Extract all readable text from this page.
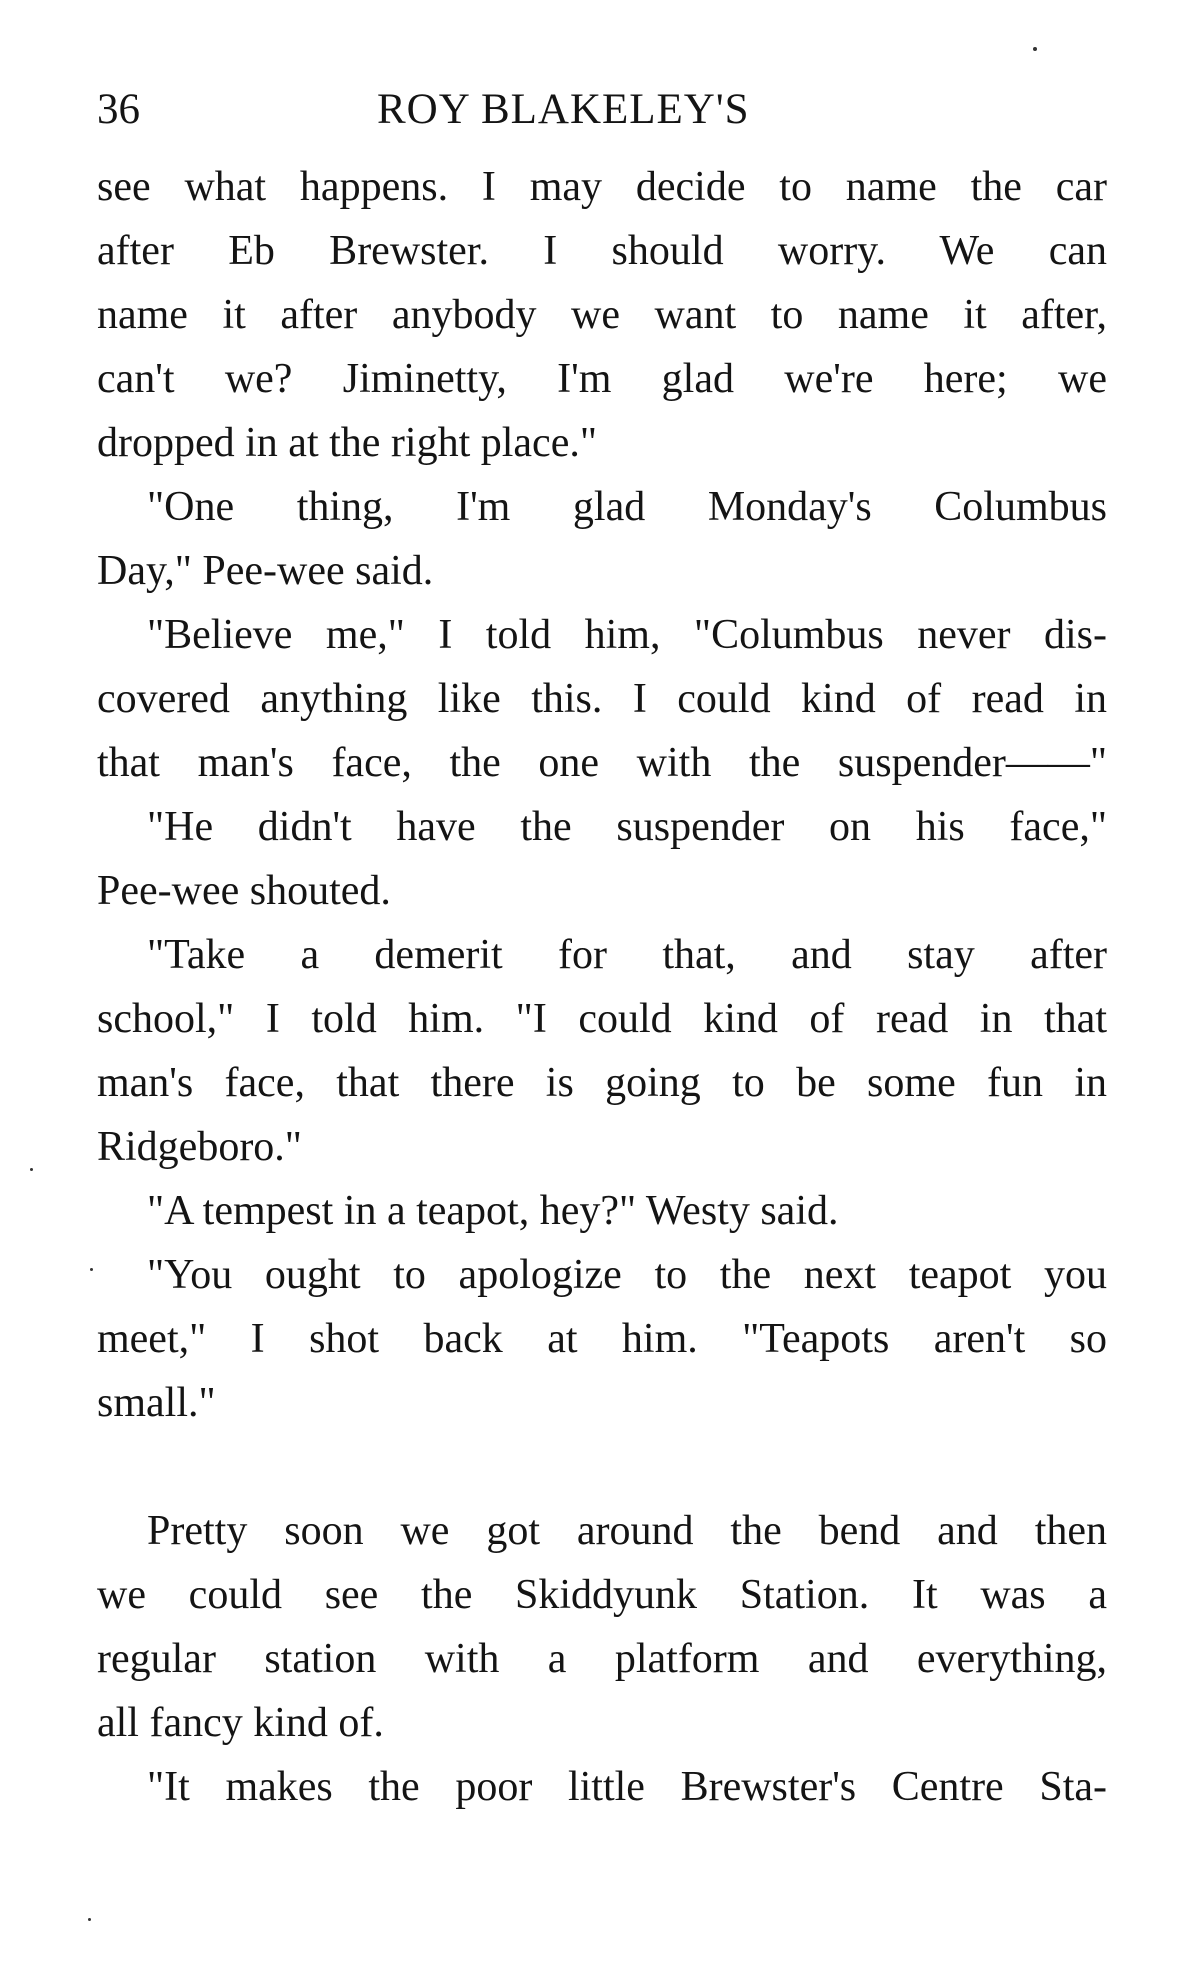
36	ROY BLAKELEY'S
see what happens. I may decide to name the car
after Eb Brewster. I should worry. We can
name it after anybody we want to name it after,
can't we? Jiminetty, I'm glad we're here; we
dropped in at the right place."
"One thing, I'm glad Monday's Columbus
Day," Pee-wee said.
"Believe me," I told him, "Columbus never dis-
covered anything like this. I could kind of read in
that man's face, the one with the suspender——"
"He didn't have the suspender on his face,"
Pee-wee shouted.
"Take a demerit for that, and stay after
school," I told him. "I could kind of read in that
man's face, that there is going to be some fun in
Ridgeboro."
"A tempest in a teapot, hey?" Westy said.
"You ought to apologize to the next teapot you
meet," I shot back at him. "Teapots aren't so
small."
Pretty soon we got around the bend and then
we could see the Skiddyunk Station. It was a
regular station with a platform and everything,
all fancy kind of.
"It makes the poor little Brewster's Centre Sta-
